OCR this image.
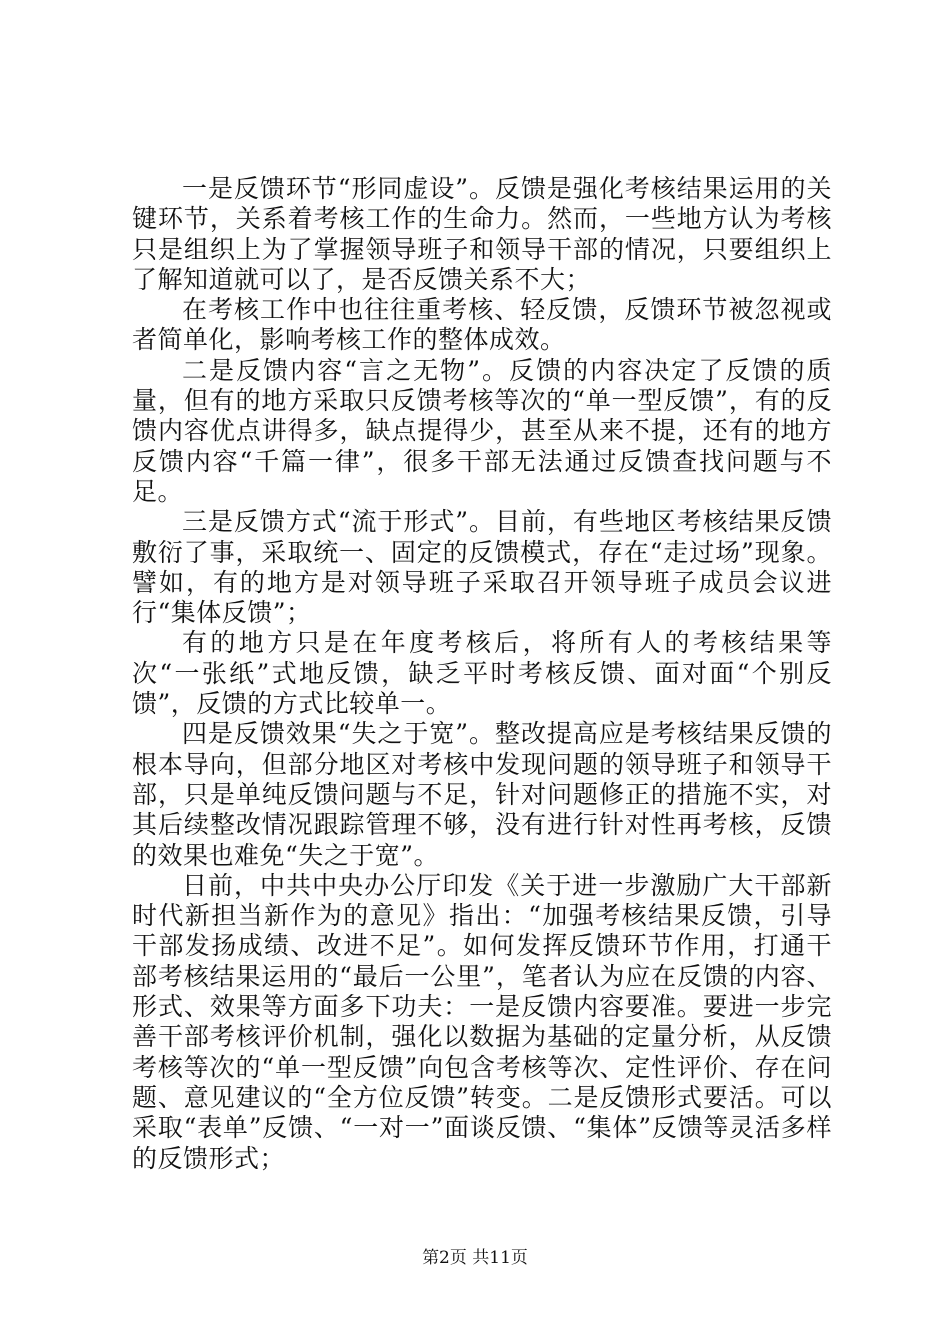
一是反馈环节“形同虚设”。反馈是强化考核结果运用的关键环节，关系着考核工作的生命力。然而，一些地方认为考核只是组织上为了掌握领导班子和领导干部的情况，只要组织上了解知道就可以了，是否反馈关系不大；

在考核工作中也往往重考核、轻反馈，反馈环节被忽视或者简单化，影响考核工作的整体成效。

二是反馈内容“言之无物”。反馈的内容决定了反馈的质量，但有的地方采取只反馈考核等次的“单一型反馈”，有的反馈内容优点讲得多，缺点提得少，甚至从来不提，还有的地方反馈内容“千篇一律”，很多干部无法通过反馈查找问题与不足。

三是反馈方式“流于形式”。目前，有些地区考核结果反馈敷衍了事，采取统一、固定的反馈模式，存在“走过场”现象。譬如，有的地方是对领导班子采取召开领导班子成员会议进行“集体反馈”；

有的地方只是在年度考核后，将所有人的考核结果等次“一张纸”式地反馈，缺乏平时考核反馈、面对面“个别反馈”，反馈的方式比较单一。

四是反馈效果“失之于宽”。整改提高应是考核结果反馈的根本导向，但部分地区对考核中发现问题的领导班子和领导干部，只是单纯反馈问题与不足，针对问题修正的措施不实，对其后续整改情况跟踪管理不够，没有进行针对性再考核，反馈的效果也难免“失之于宽”。

日前，中共中央办公厅印发《关于进一步激励广大干部新时代新担当新作为的意见》指出：“加强考核结果反馈，引导干部发扬成绩、改进不足”。如何发挥反馈环节作用，打通干部考核结果运用的“最后一公里”，笔者认为应在反馈的内容、形式、效果等方面多下功夫：一是反馈内容要准。要进一步完善干部考核评价机制，强化以数据为基础的定量分析，从反馈考核等次的“单一型反馈”向包含考核等次、定性评价、存在问题、意见建议的“全方位反馈”转变。二是反馈形式要活。可以采取“表单”反馈、“一对一”面谈反馈、“集体”反馈等灵活多样的反馈形式；

第2页 共11页
